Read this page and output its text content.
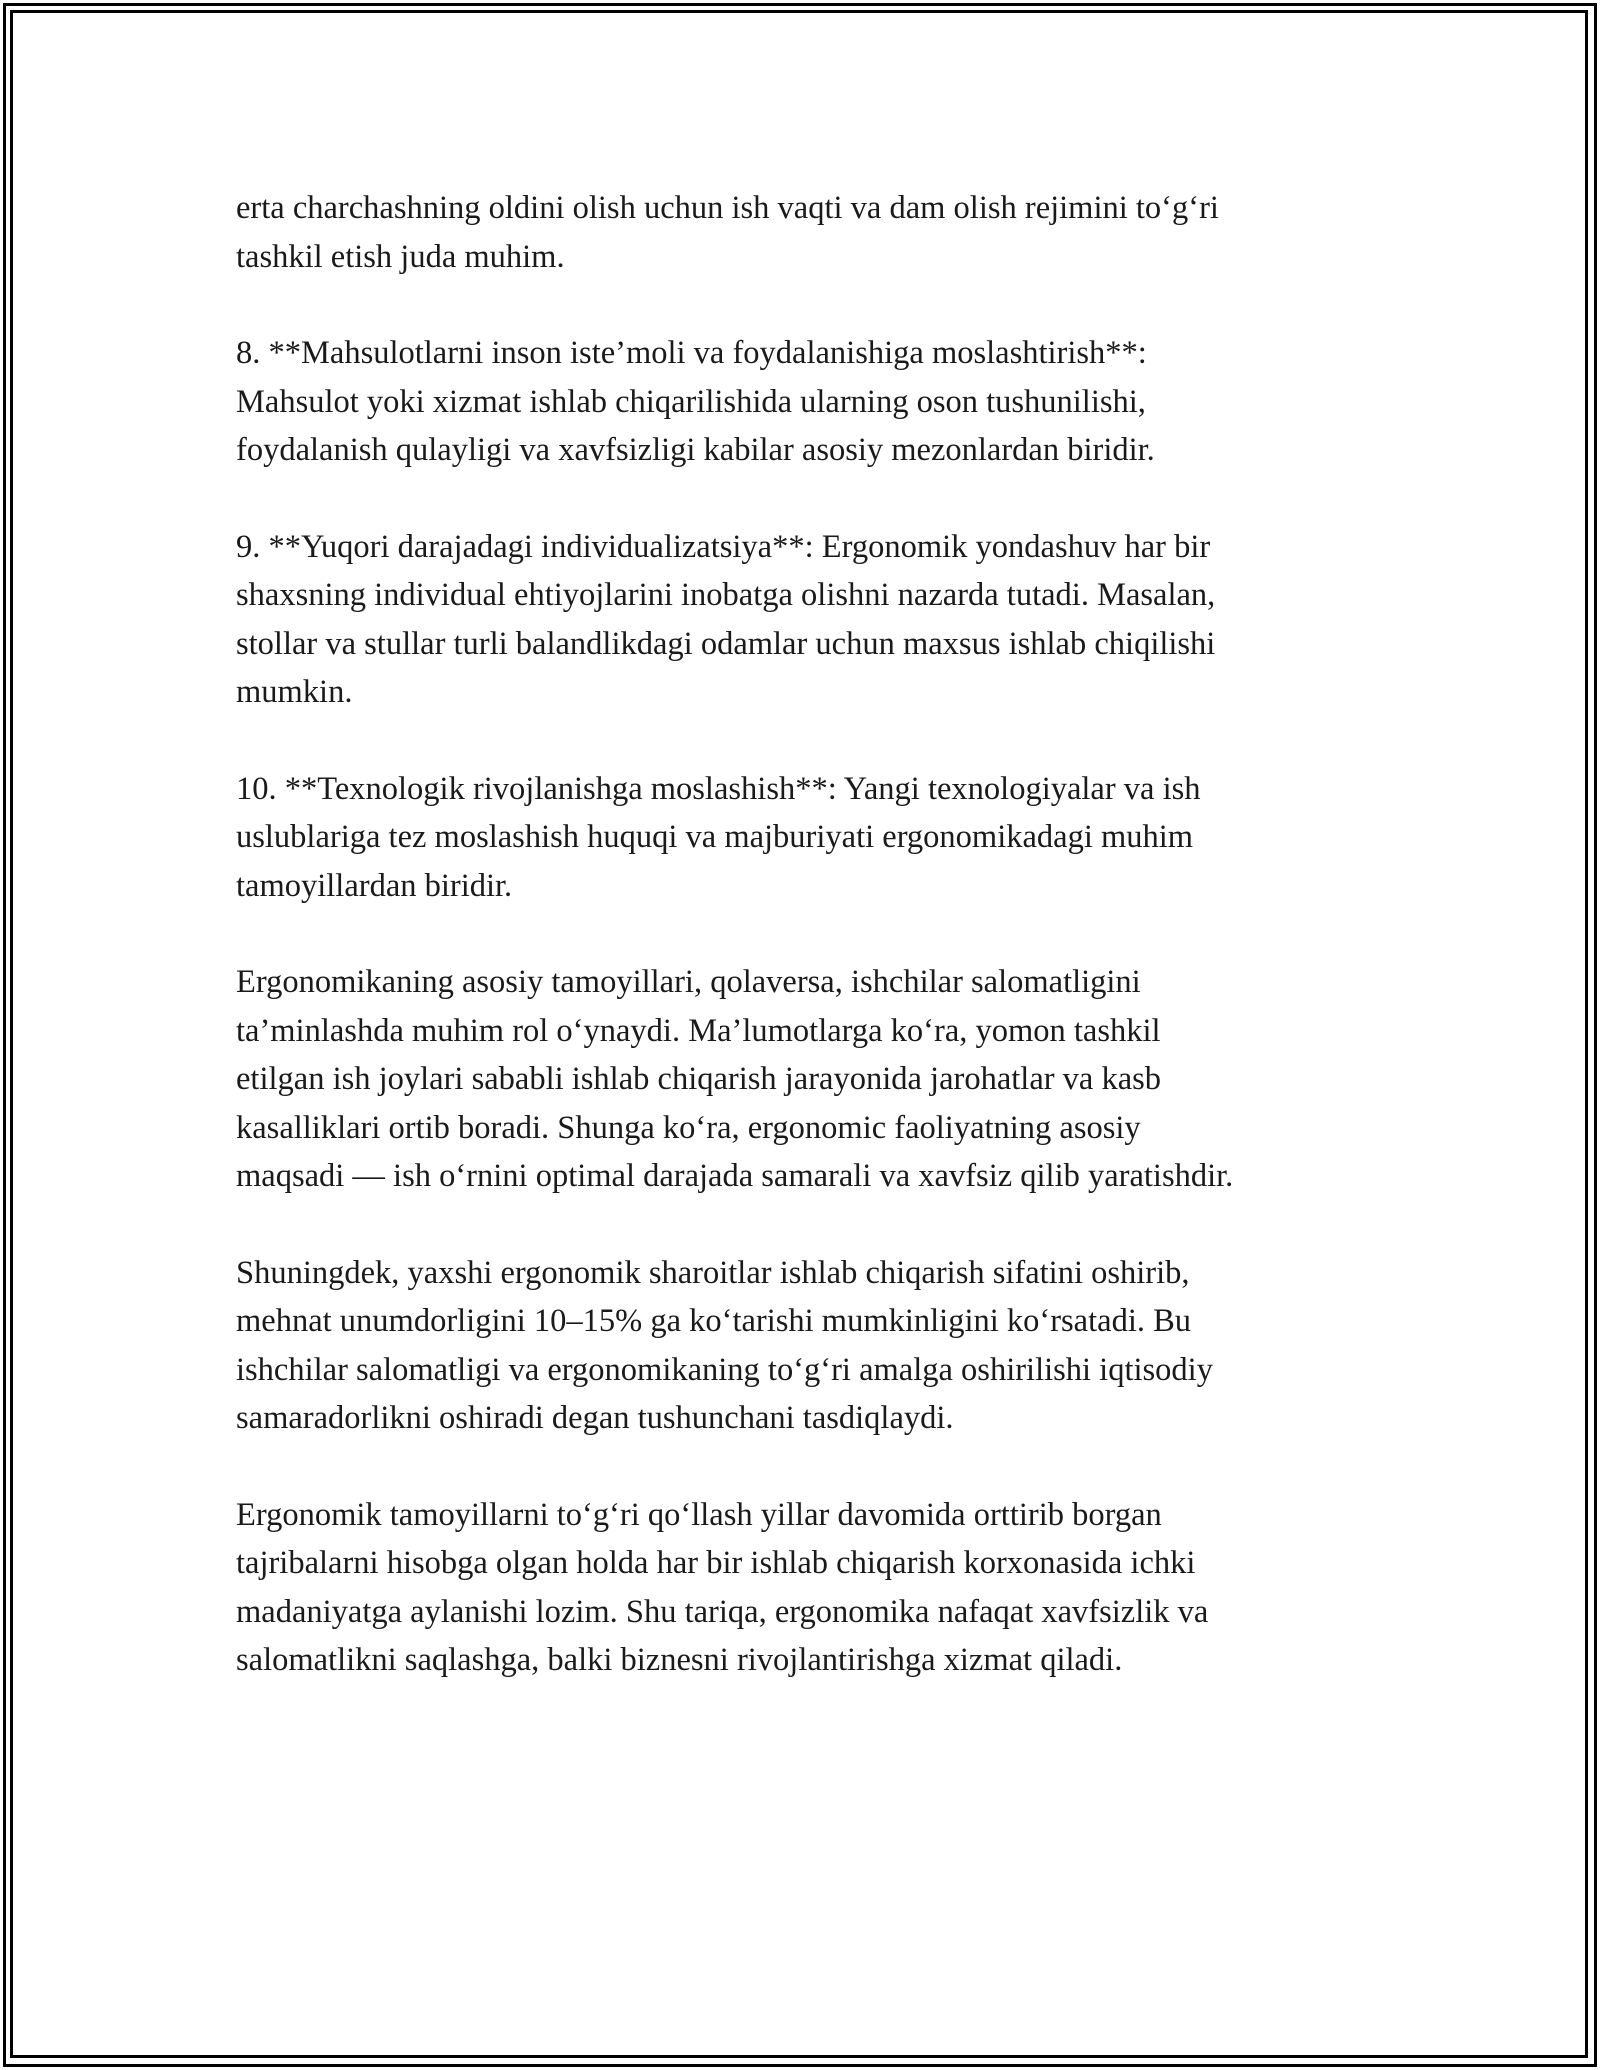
erta charchashning oldini olish uchun ish vaqti va dam olish rejimini to‘g‘ri
tashkil etish juda muhim.

8. **Mahsulotlarni inson iste’moli va foydalanishiga moslashtirish**:
Mahsulot yoki xizmat ishlab chiqarilishida ularning oson tushunilishi,
foydalanish qulayligi va xavfsizligi kabilar asosiy mezonlardan biridir.

9. **Yuqori darajadagi individualizatsiya**: Ergonomik yondashuv har bir
shaxsning individual ehtiyojlarini inobatga olishni nazarda tutadi. Masalan,
stollar va stullar turli balandlikdagi odamlar uchun maxsus ishlab chiqilishi
mumkin.

10. **Texnologik rivojlanishga moslashish**: Yangi texnologiyalar va ish
uslublariga tez moslashish huquqi va majburiyati ergonomikadagi muhim
tamoyillardan biridir.

Ergonomikaning asosiy tamoyillari, qolaversa, ishchilar salomatligini
ta’minlashda muhim rol o‘ynaydi. Ma’lumotlarga ko‘ra, yomon tashkil
etilgan ish joylari sababli ishlab chiqarish jarayonida jarohatlar va kasb
kasalliklari ortib boradi. Shunga ko‘ra, ergonomic faoliyatning asosiy
maqsadi — ish o‘rnini optimal darajada samarali va xavfsiz qilib yaratishdir.

Shuningdek, yaxshi ergonomik sharoitlar ishlab chiqarish sifatini oshirib,
mehnat unumdorligini 10–15% ga ko‘tarishi mumkinligini ko‘rsatadi. Bu
ishchilar salomatligi va ergonomikaning to‘g‘ri amalga oshirilishi iqtisodiy
samaradorlikni oshiradi degan tushunchani tasdiqlaydi.

Ergonomik tamoyillarni to‘g‘ri qo‘llash yillar davomida orttirib borgan
tajribalarni hisobga olgan holda har bir ishlab chiqarish korxonasida ichki
madaniyatga aylanishi lozim. Shu tariqa, ergonomika nafaqat xavfsizlik va
salomatlikni saqlashga, balki biznesni rivojlantirishga xizmat qiladi.
